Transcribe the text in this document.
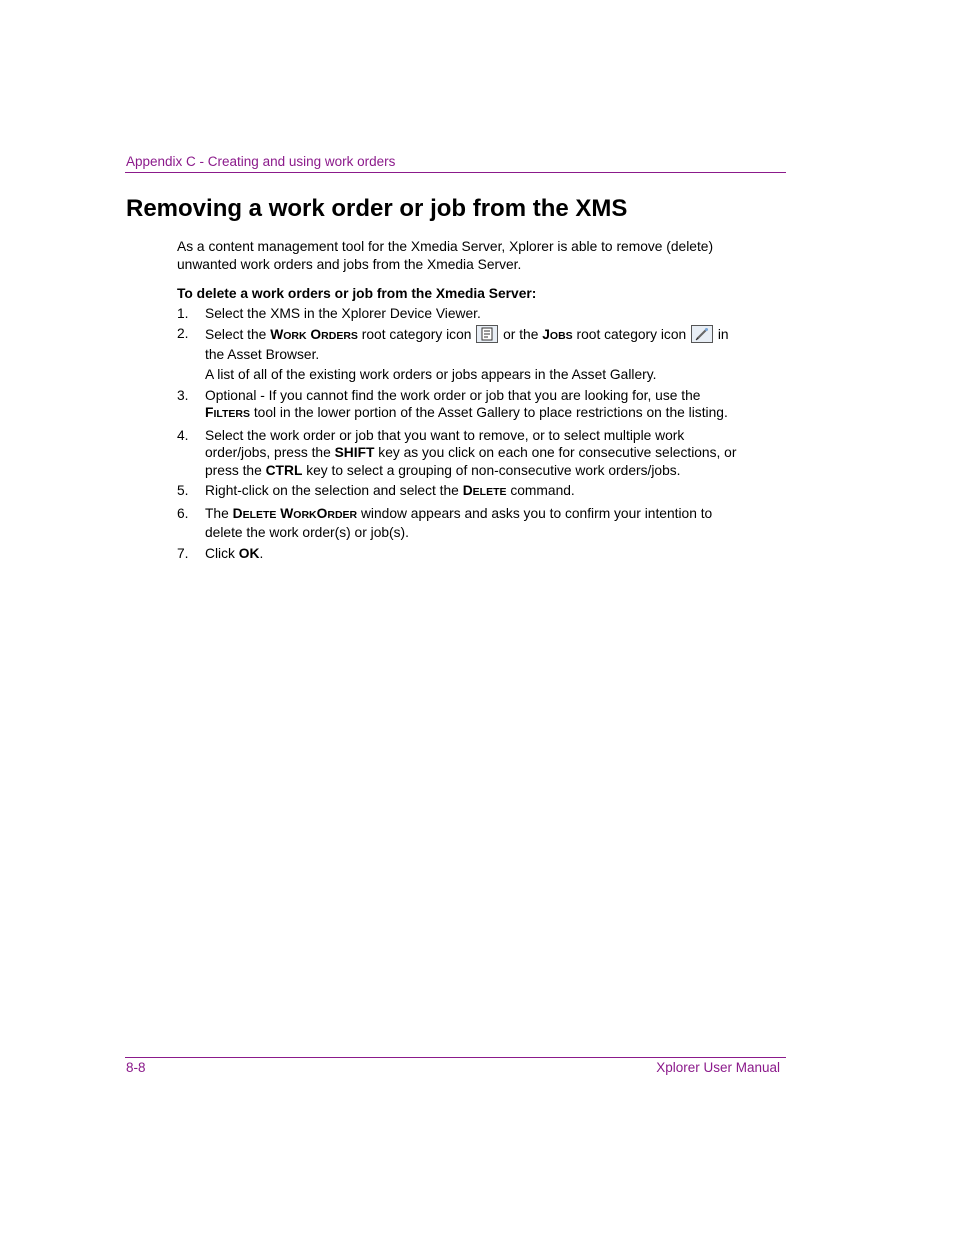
Appendix C - Creating and using work orders
Removing a work order or job from the XMS

As a content management tool for the Xmedia Server, Xplorer is able to remove (delete) unwanted work orders and jobs from the Xmedia Server.

To delete a work orders or job from the Xmedia Server:

1. Select the XMS in the Xplorer Device Viewer.
2. Select the WORK ORDERS root category icon
or the JOBS root category icon
in the Asset Browser.
A list of all of the existing work orders or jobs appears in the Asset Gallery.
3. Optional - If you cannot find the work order or job that you are looking for, use the FILTERS tool in the lower portion of the Asset Gallery to place restrictions on the listing.
4. Select the work order or job that you want to remove, or to select multiple work order/jobs, press the SHIFT key as you click on each one for consecutive selections, or press the CTRL key to select a grouping of non-consecutive work orders/jobs.
5. Right-click on the selection and select the DELETE command.
6. The DELETE WORKORDER window appears and asks you to confirm your intention to delete the work order(s) or job(s).
7. Click OK.
8-8	Xplorer User Manual
